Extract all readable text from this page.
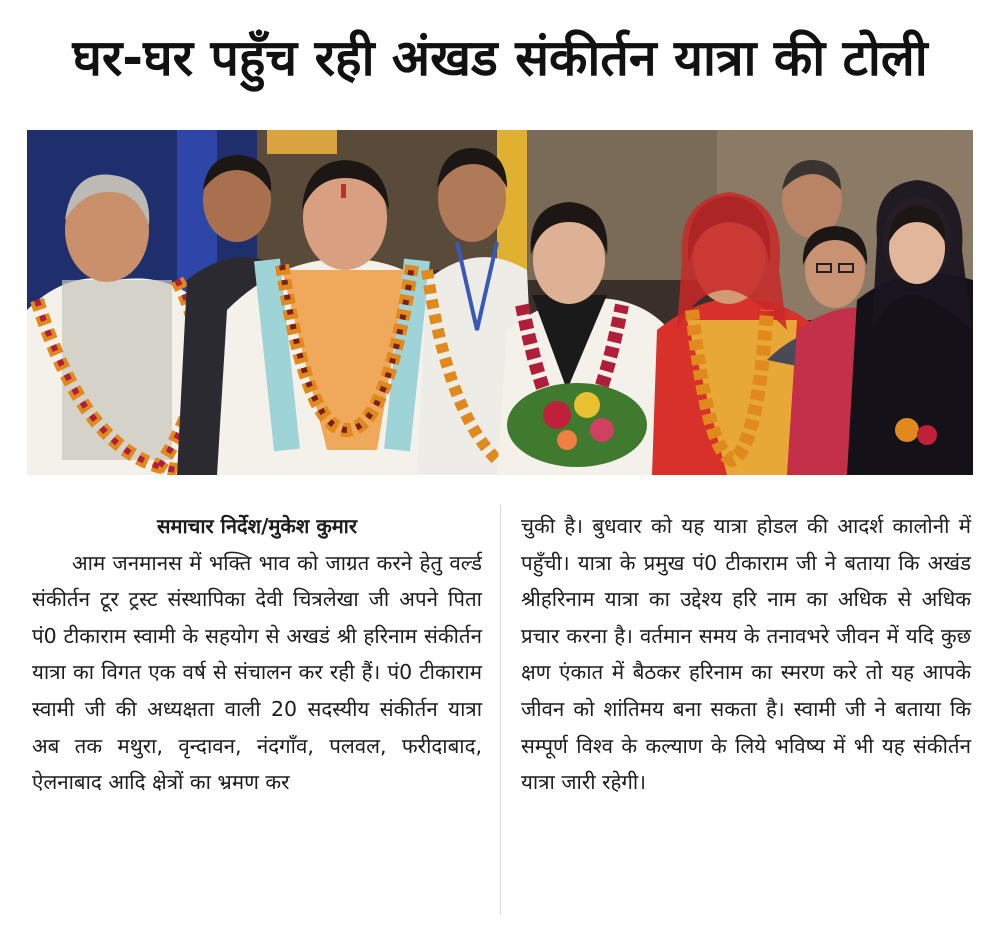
घर-घर पहुँच रही अंखड संकीर्तन यात्रा की टोली
समाचार निर्देश/मुकेश कुमार
आम जनमानस में भक्ति भाव को जाग्रत करने हेतु वर्ल्ड संकीर्तन टूर ट्रस्ट संस्थापिका देवी चित्रलेखा जी अपने पिता पं0 टीकाराम स्वामी के सहयोग से अखडं श्री हरिनाम संकीर्तन यात्रा का विगत एक वर्ष से संचालन कर रही हैं। पं0 टीकाराम स्वामी जी की अध्यक्षता वाली 20 सदस्यीय संकीर्तन यात्रा अब तक मथुरा, वृन्दावन, नंदगाँव, पलवल, फरीदाबाद, ऐलनाबाद आदि क्षेत्रों का भ्रमण कर
चुकी है। बुधवार को यह यात्रा होडल की आदर्श कालोनी में पहुँची। यात्रा के प्रमुख पं0 टीकाराम जी ने बताया कि अखंड श्रीहरिनाम यात्रा का उद्देश्य हरि नाम का अधिक से अधिक प्रचार करना है। वर्तमान समय के तनावभरे जीवन में यदि कुछ क्षण एंकात में बैठकर हरिनाम का स्मरण करे तो यह आपके जीवन को शांतिमय बना सकता है। स्वामी जी ने बताया कि सम्पूर्ण विश्व के कल्याण के लिये भविष्य में भी यह संकीर्तन यात्रा जारी रहेगी।
